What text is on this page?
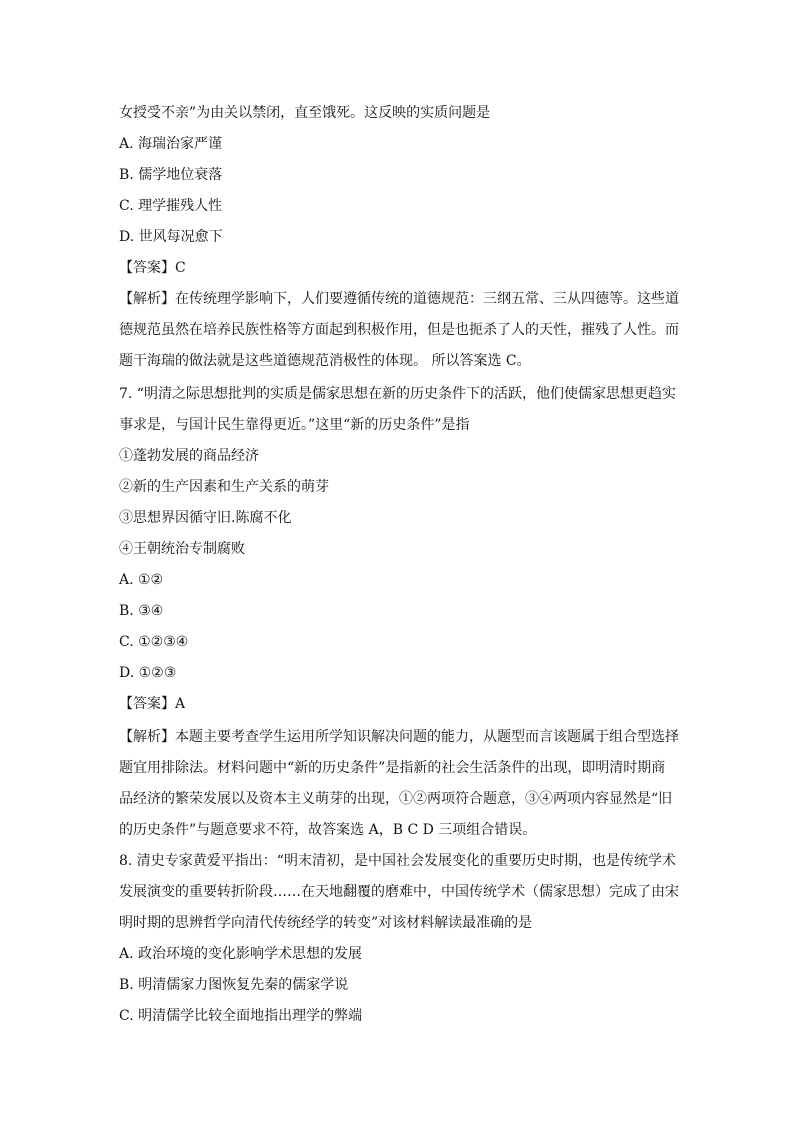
女授受不亲”为由关以禁闭，直至饿死。这反映的实质问题是
A. 海瑞治家严谨
B. 儒学地位衰落
C. 理学摧残人性
D. 世风每况愈下
【答案】C
【解析】在传统理学影响下，人们要遵循传统的道德规范：三纲五常、三从四德等。这些道
德规范虽然在培养民族性格等方面起到积极作用，但是也扼杀了人的天性，摧残了人性。而
题干海瑞的做法就是这些道德规范消极性的体现。 所以答案选 C。
7. “明清之际思想批判的实质是儒家思想在新的历史条件下的活跃，他们使儒家思想更趋实
事求是，与国计民生靠得更近。”这里“新的历史条件”是指
①蓬勃发展的商品经济
②新的生产因素和生产关系的萌芽
③思想界因循守旧.陈腐不化
④王朝统治专制腐败
A. ①②
B. ③④
C. ①②③④
D. ①②③
【答案】A
【解析】本题主要考查学生运用所学知识解决问题的能力，从题型而言该题属于组合型选择
题宜用排除法。材料问题中“新的历史条件”是指新的社会生活条件的出现，即明清时期商
品经济的繁荣发展以及资本主义萌芽的出现，①②两项符合题意，③④两项内容显然是“旧
的历史条件”与题意要求不符，故答案选 A，B C D 三项组合错误。
8. 清史专家黄爱平指出：“明末清初，是中国社会发展变化的重要历史时期，也是传统学术
发展演变的重要转折阶段……在天地翻覆的磨难中，中国传统学术（儒家思想）完成了由宋
明时期的思辨哲学向清代传统经学的转变”对该材料解读最准确的是
A. 政治环境的变化影响学术思想的发展
B. 明清儒家力图恢复先秦的儒家学说
C. 明清儒学比较全面地指出理学的弊端
